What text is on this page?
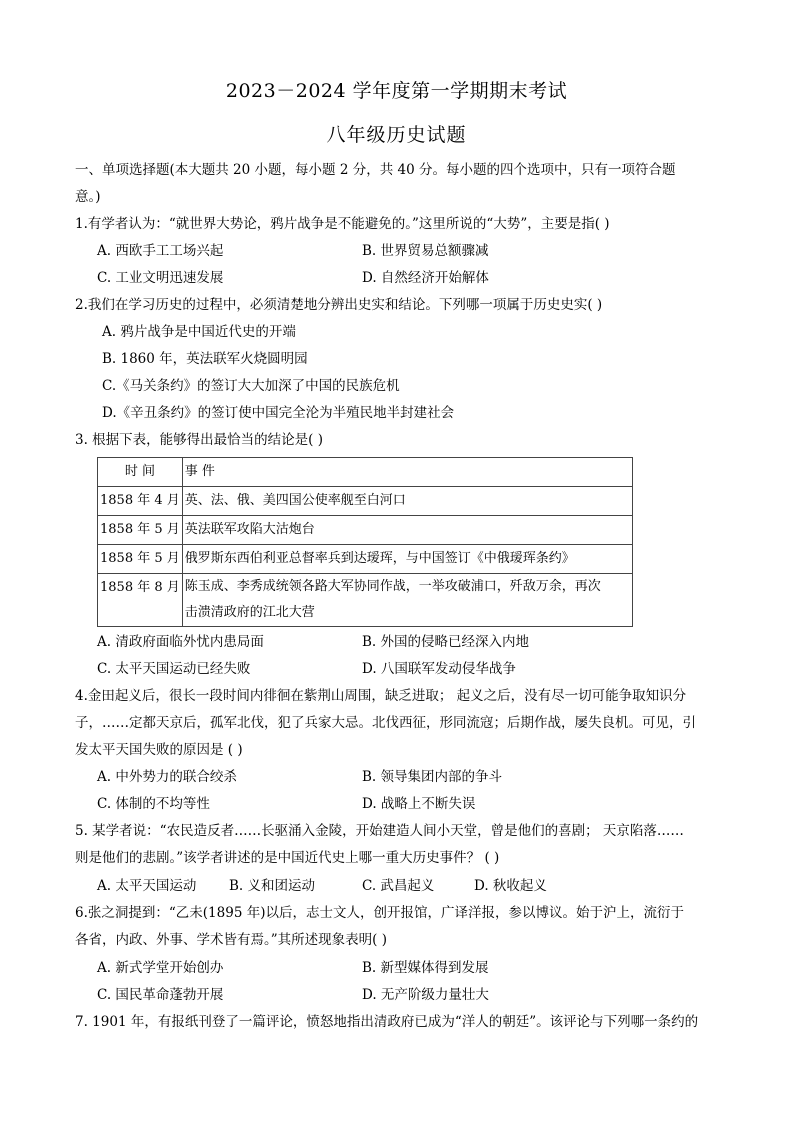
2023－2024 学年度第一学期期末考试
八年级历史试题
一、单项选择题(本大题共 20 小题，每小题 2 分，共 40 分。每小题的四个选项中，只有一项符合题
意。)
1.有学者认为：“就世界大势论，鸦片战争是不能避免的。”这里所说的“大势”，主要是指( )
A. 西欧手工工场兴起	B. 世界贸易总额骤减
C. 工业文明迅速发展	D. 自然经济开始解体
2.我们在学习历史的过程中，必须清楚地分辨出史实和结论。下列哪一项属于历史史实( )
A. 鸦片战争是中国近代史的开端
B. 1860 年，英法联军火烧圆明园
C.《马关条约》的签订大大加深了中国的民族危机
D.《辛丑条约》的签订使中国完全沦为半殖民地半封建社会
3. 根据下表，能够得出最恰当的结论是( )
时 间	事 件
1858 年 4 月	英、法、俄、美四国公使率舰至白河口
1858 年 5 月	英法联军攻陷大沽炮台
1858 年 5 月	俄罗斯东西伯利亚总督率兵到达瑷珲，与中国签订《中俄瑷珲条约》
1858 年 8 月	陈玉成、李秀成统领各路大军协同作战，一举攻破浦口，歼敌万余，再次
击溃清政府的江北大营
A. 清政府面临外忧内患局面	B. 外国的侵略已经深入内地
C. 太平天国运动已经失败	D. 八国联军发动侵华战争
4.金田起义后，很长一段时间内徘徊在紫荆山周围，缺乏进取； 起义之后，没有尽一切可能争取知识分
子，……定都天京后，孤军北伐，犯了兵家大忌。北伐西征，形同流寇；后期作战，屡失良机。可见，引
发太平天国失败的原因是 ( )
A. 中外势力的联合绞杀	B. 领导集团内部的争斗
C. 体制的不均等性	D. 战略上不断失误
5. 某学者说：“农民造反者……长驱涌入金陵，开始建造人间小天堂，曾是他们的喜剧； 天京陷落……
则是他们的悲剧。”该学者讲述的是中国近代史上哪一重大历史事件？ ( )
A. 太平天国运动 B. 义和团运动	C. 武昌起义	D. 秋收起义
6.张之洞提到：“乙未(1895 年)以后，志士文人，创开报馆，广译洋报，参以博议。始于沪上，流衍于
各省，内政、外事、学术皆有焉。”其所述现象表明( )
A. 新式学堂开始创办	B. 新型媒体得到发展
C. 国民革命蓬勃开展	D. 无产阶级力量壮大
7. 1901 年，有报纸刊登了一篇评论，愤怒地指出清政府已成为“洋人的朝廷”。该评论与下列哪一条约的
